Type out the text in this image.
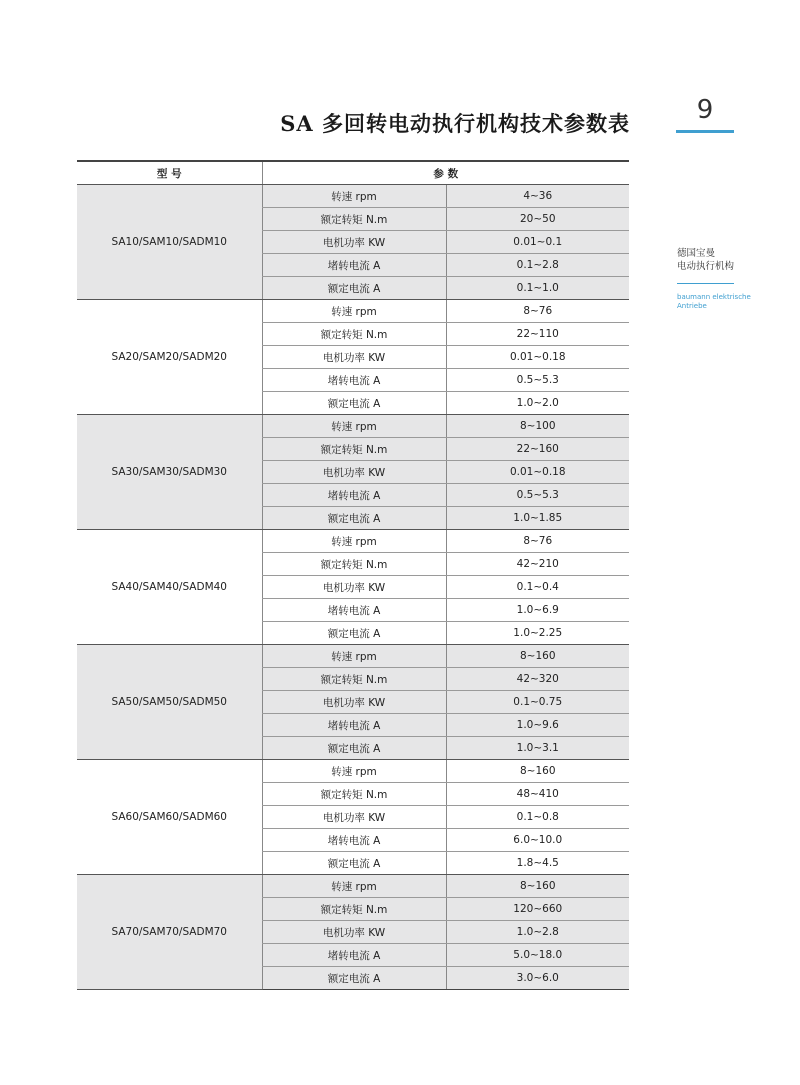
SA 多回转电动执行机构技术参数表	9
德国宝曼
电动执行机构
baumann elektrische
Antriebe
型 号	参 数	
SA10/SAM10/SADM10	转速 rpm	4~36
	额定转矩 N.m	20~50
	电机功率 KW	0.01~0.1
	堵转电流 A	0.1~2.8
	额定电流 A	0.1~1.0
SA20/SAM20/SADM20	转速 rpm	8~76
	额定转矩 N.m	22~110
	电机功率 KW	0.01~0.18
	堵转电流 A	0.5~5.3
	额定电流 A	1.0~2.0
SA30/SAM30/SADM30	转速 rpm	8~100
	额定转矩 N.m	22~160
	电机功率 KW	0.01~0.18
	堵转电流 A	0.5~5.3
	额定电流 A	1.0~1.85
SA40/SAM40/SADM40	转速 rpm	8~76
	额定转矩 N.m	42~210
	电机功率 KW	0.1~0.4
	堵转电流 A	1.0~6.9
	额定电流 A	1.0~2.25
SA50/SAM50/SADM50	转速 rpm	8~160
	额定转矩 N.m	42~320
	电机功率 KW	0.1~0.75
	堵转电流 A	1.0~9.6
	额定电流 A	1.0~3.1
SA60/SAM60/SADM60	转速 rpm	8~160
	额定转矩 N.m	48~410
	电机功率 KW	0.1~0.8
	堵转电流 A	6.0~10.0
	额定电流 A	1.8~4.5
SA70/SAM70/SADM70	转速 rpm	8~160
	额定转矩 N.m	120~660
	电机功率 KW	1.0~2.8
	堵转电流 A	5.0~18.0
	额定电流 A	3.0~6.0
